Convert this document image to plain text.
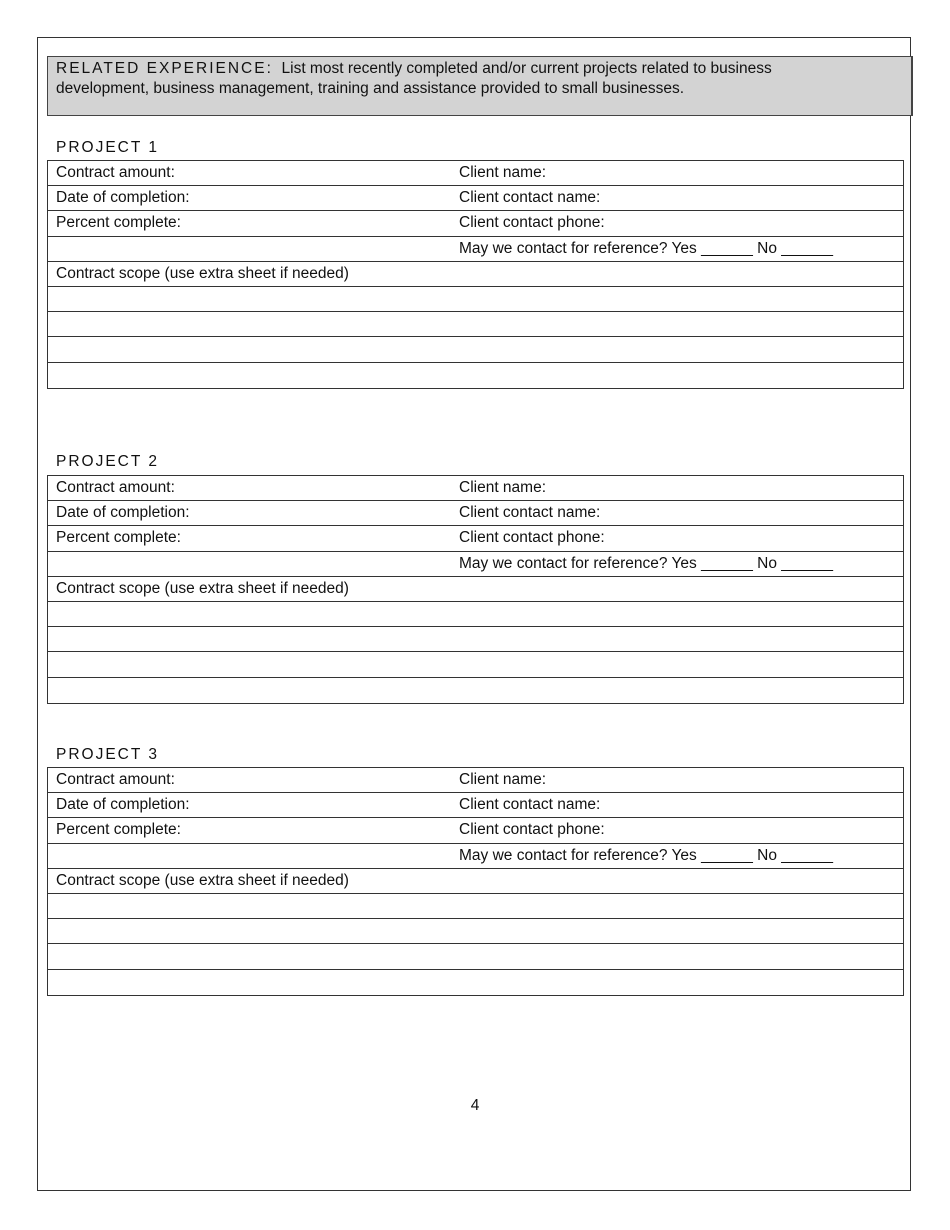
RELATED EXPERIENCE: List most recently completed and/or current projects related to business
development, business management, training and assistance provided to small businesses.
PROJECT 1
Contract amount:	Client name:
Date of completion:	Client contact name:
Percent complete:	Client contact phone:
May we contact for reference? Yes ______ No ______
Contract scope (use extra sheet if needed)
PROJECT 2
Contract amount:	Client name:
Date of completion:	Client contact name:
Percent complete:	Client contact phone:
May we contact for reference? Yes ______ No ______
Contract scope (use extra sheet if needed)
PROJECT 3
Contract amount:	Client name:
Date of completion:	Client contact name:
Percent complete:	Client contact phone:
May we contact for reference? Yes ______ No ______
Contract scope (use extra sheet if needed)
4
